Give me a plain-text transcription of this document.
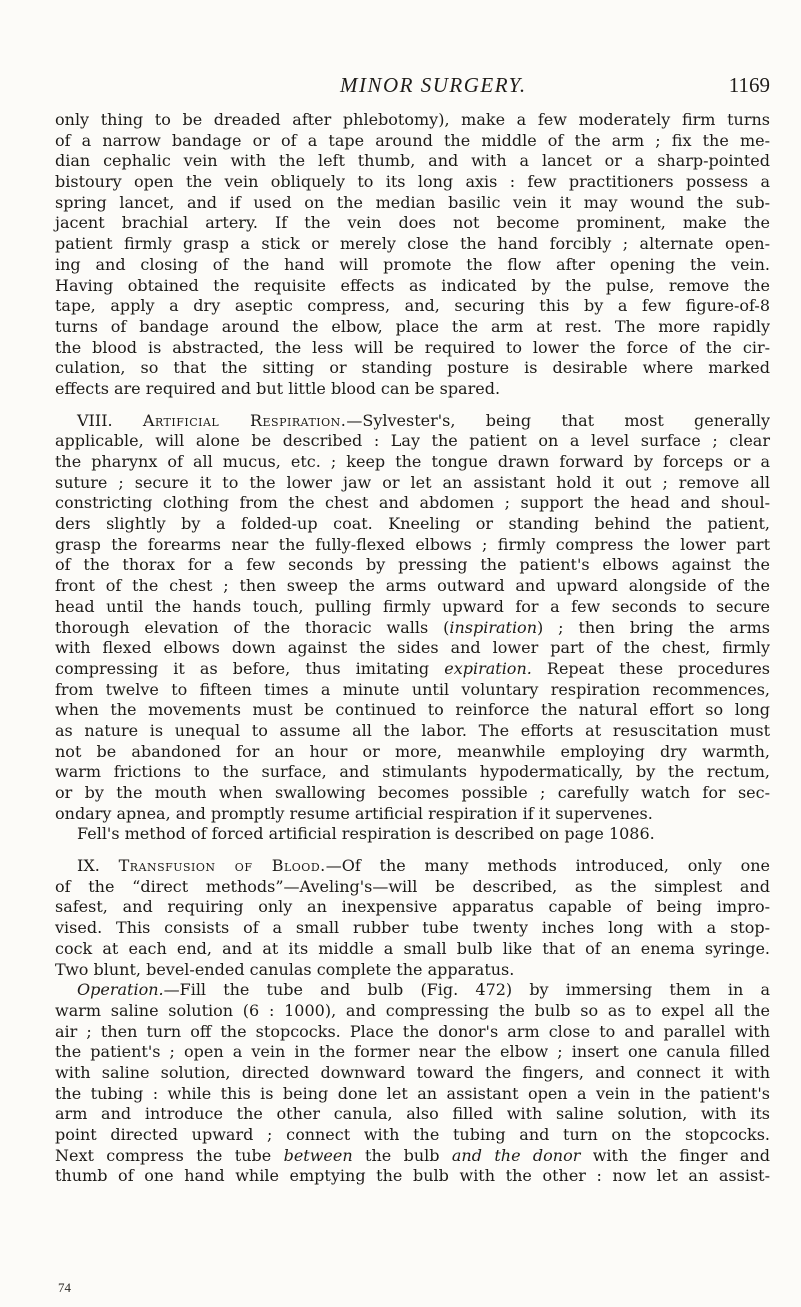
MINOR SURGERY.	1169
only thing to be dreaded after phlebotomy), make a few moderately firm turns
of a narrow bandage or of a tape around the middle of the arm ; fix the me-
dian cephalic vein with the left thumb, and with a lancet or a sharp-pointed
bistoury open the vein obliquely to its long axis : few practitioners possess a
spring lancet, and if used on the median basilic vein it may wound the sub-
jacent brachial artery. If the vein does not become prominent, make the
patient firmly grasp a stick or merely close the hand forcibly ; alternate open-
ing and closing of the hand will promote the flow after opening the vein.
Having obtained the requisite effects as indicated by the pulse, remove the
tape, apply a dry aseptic compress, and, securing this by a few figure-of-8
turns of bandage around the elbow, place the arm at rest. The more rapidly
the blood is abstracted, the less will be required to lower the force of the cir-
culation, so that the sitting or standing posture is desirable where marked
effects are required and but little blood can be spared.
VIII. Artificial Respiration.—Sylvester's, being that most generally
applicable, will alone be described : Lay the patient on a level surface ; clear
the pharynx of all mucus, etc. ; keep the tongue drawn forward by forceps or a
suture ; secure it to the lower jaw or let an assistant hold it out ; remove all
constricting clothing from the chest and abdomen ; support the head and shoul-
ders slightly by a folded-up coat. Kneeling or standing behind the patient,
grasp the forearms near the fully-flexed elbows ; firmly compress the lower part
of the thorax for a few seconds by pressing the patient's elbows against the
front of the chest ; then sweep the arms outward and upward alongside of the
head until the hands touch, pulling firmly upward for a few seconds to secure
thorough elevation of the thoracic walls (inspiration) ; then bring the arms
with flexed elbows down against the sides and lower part of the chest, firmly
compressing it as before, thus imitating expiration. Repeat these procedures
from twelve to fifteen times a minute until voluntary respiration recommences,
when the movements must be continued to reinforce the natural effort so long
as nature is unequal to assume all the labor. The efforts at resuscitation must
not be abandoned for an hour or more, meanwhile employing dry warmth,
warm frictions to the surface, and stimulants hypodermatically, by the rectum,
or by the mouth when swallowing becomes possible ; carefully watch for sec-
ondary apnea, and promptly resume artificial respiration if it supervenes.
Fell's method of forced artificial respiration is described on page 1086.
IX. Transfusion of Blood.—Of the many methods introduced, only one
of the “direct methods”—Aveling's—will be described, as the simplest and
safest, and requiring only an inexpensive apparatus capable of being impro-
vised. This consists of a small rubber tube twenty inches long with a stop-
cock at each end, and at its middle a small bulb like that of an enema syringe.
Two blunt, bevel-ended canulas complete the apparatus.
Operation.—Fill the tube and bulb (Fig. 472) by immersing them in a
warm saline solution (6 : 1000), and compressing the bulb so as to expel all the
air ; then turn off the stopcocks. Place the donor's arm close to and parallel with
the patient's ; open a vein in the former near the elbow ; insert one canula filled
with saline solution, directed downward toward the fingers, and connect it with
the tubing : while this is being done let an assistant open a vein in the patient's
arm and introduce the other canula, also filled with saline solution, with its
point directed upward ; connect with the tubing and turn on the stopcocks.
Next compress the tube between the bulb and the donor with the finger and
thumb of one hand while emptying the bulb with the other : now let an assist-
74
